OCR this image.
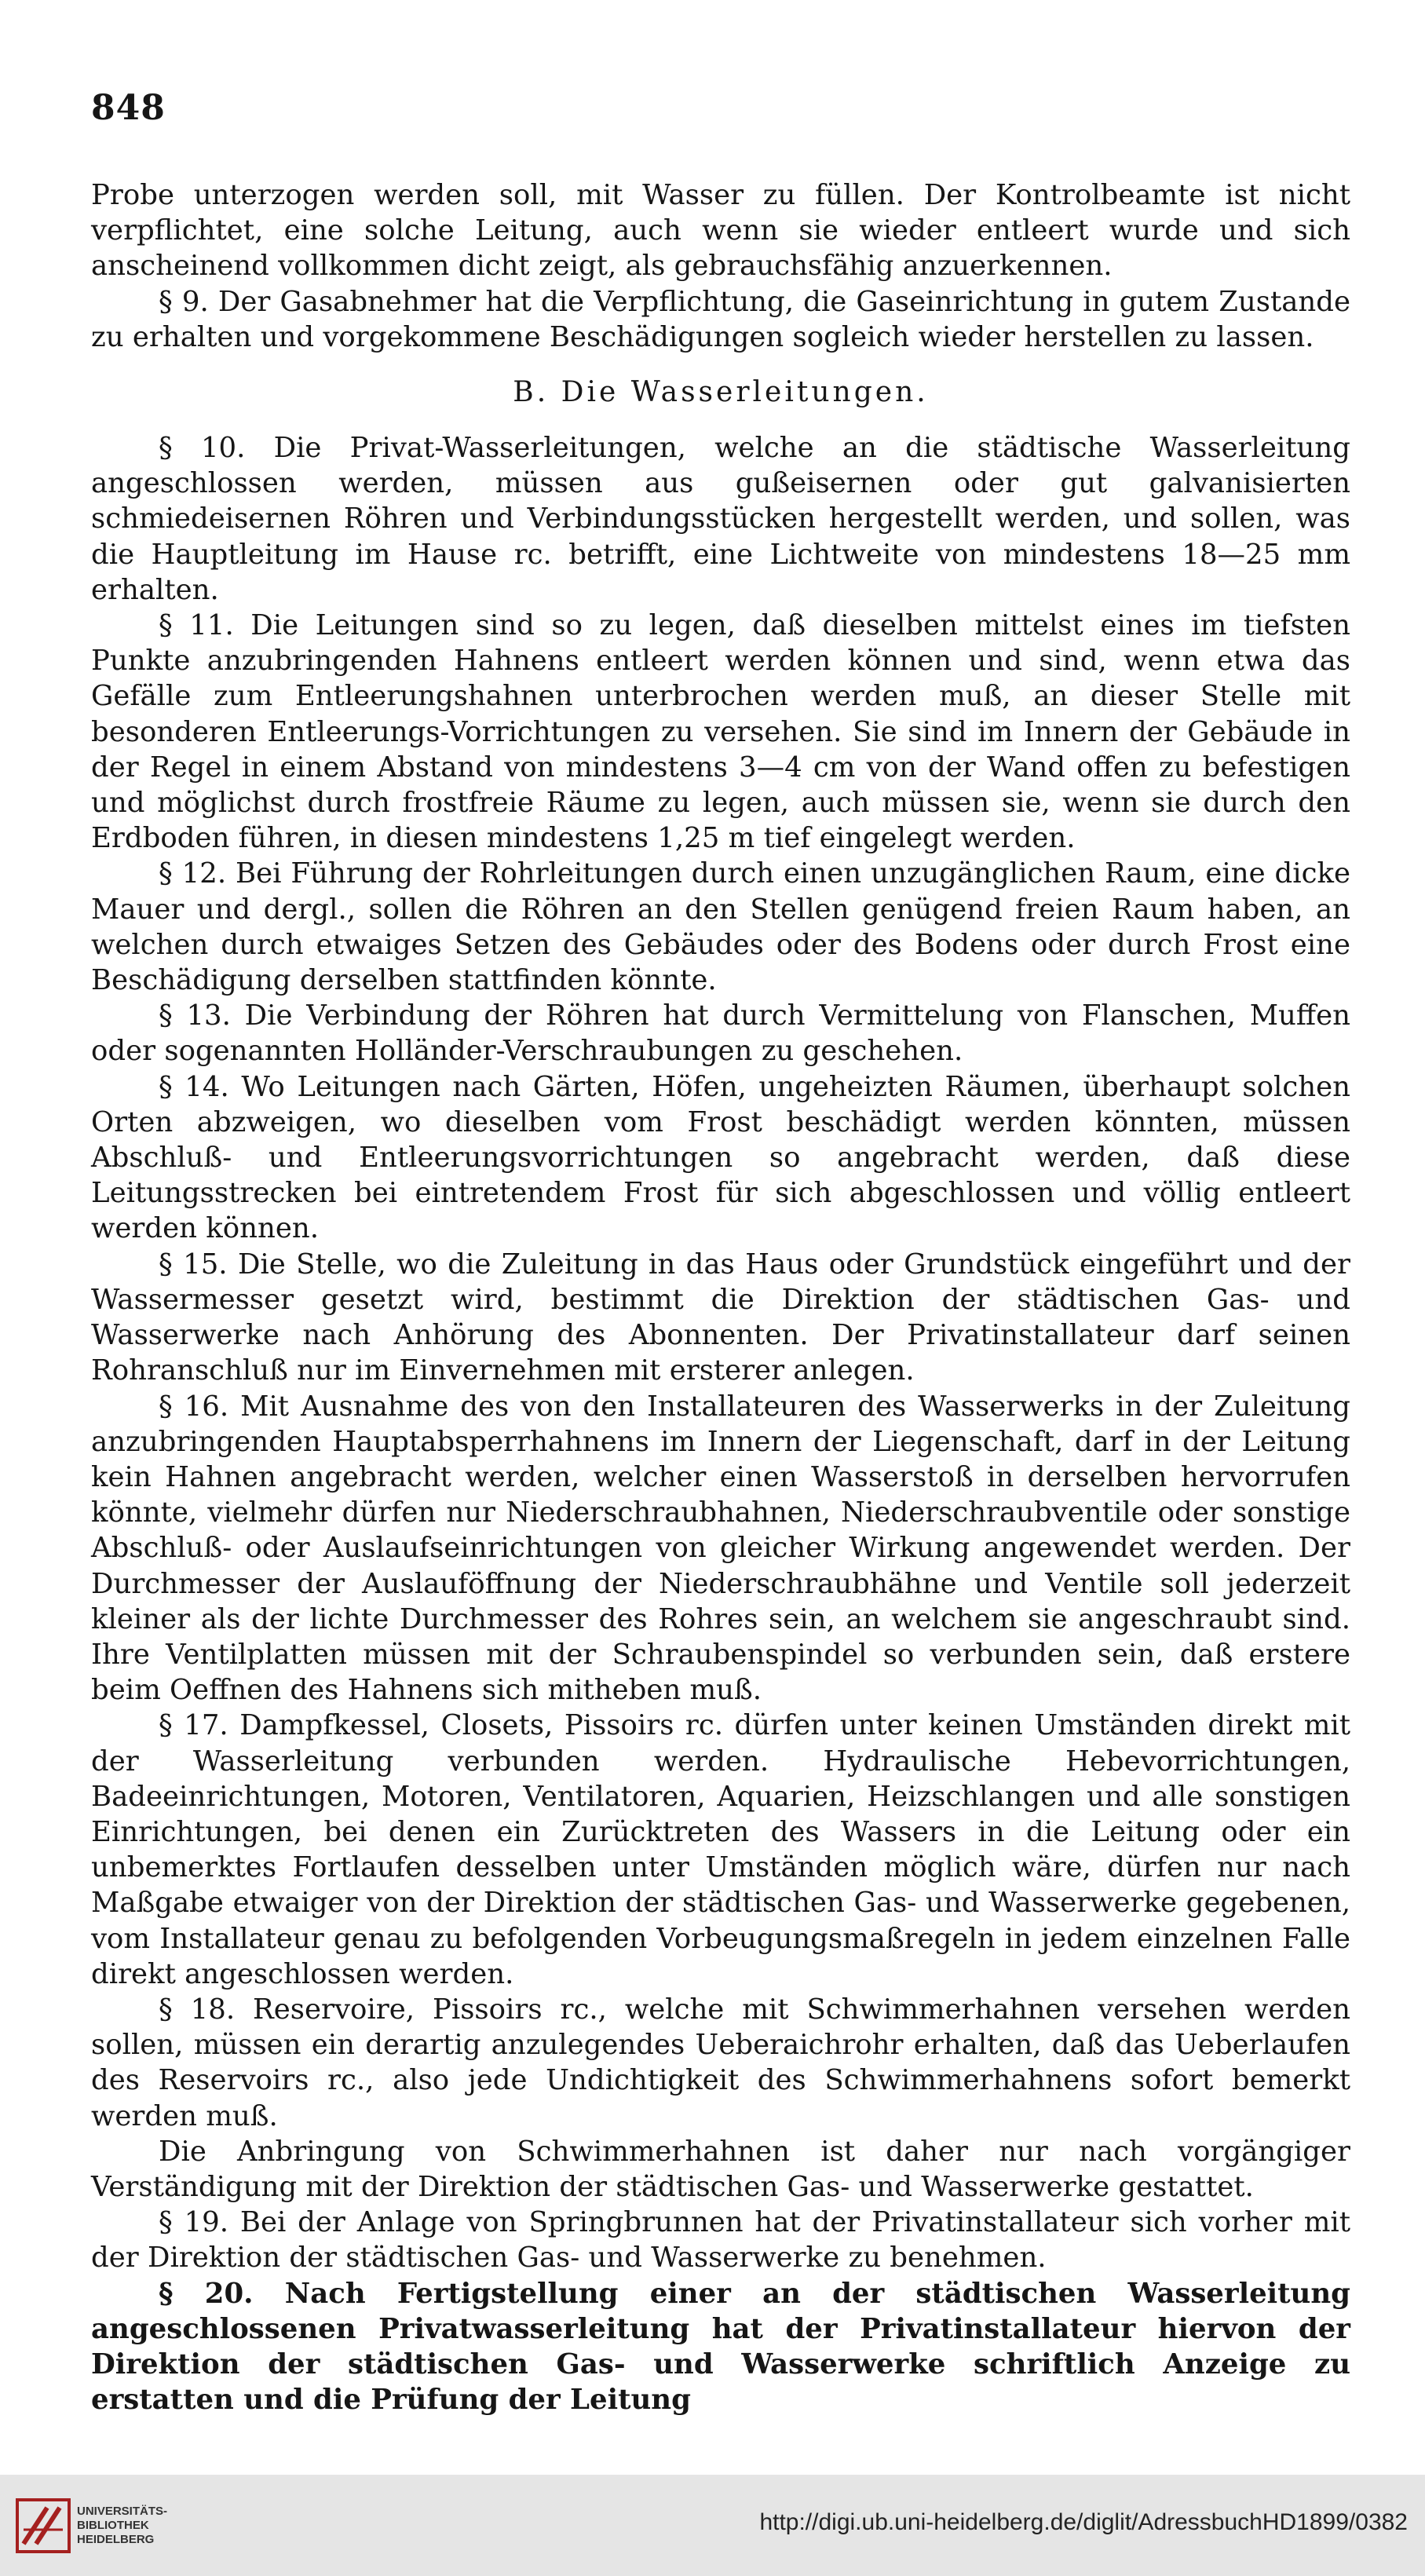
848

Probe unterzogen werden soll, mit Wasser zu füllen. Der Kontrolbeamte ist nicht verpflichtet, eine solche Leitung, auch wenn sie wieder entleert wurde und sich anscheinend vollkommen dicht zeigt, als gebrauchsfähig anzuerkennen.

§ 9. Der Gasabnehmer hat die Verpflichtung, die Gaseinrichtung in gutem Zustande zu erhalten und vorgekommene Beschädigungen sogleich wieder herstellen zu lassen.

B. Die Wasserleitungen.

§ 10. Die Privat-Wasserleitungen, welche an die städtische Wasserleitung angeschlossen werden, müssen aus gußeisernen oder gut galvanisierten schmiedeisernen Röhren und Verbindungsstücken hergestellt werden, und sollen, was die Hauptleitung im Hause rc. betrifft, eine Lichtweite von mindestens 18—25 mm erhalten.

§ 11. Die Leitungen sind so zu legen, daß dieselben mittelst eines im tiefsten Punkte anzubringenden Hahnens entleert werden können und sind, wenn etwa das Gefälle zum Entleerungshahnen unterbrochen werden muß, an dieser Stelle mit besonderen Entleerungs-Vorrichtungen zu versehen. Sie sind im Innern der Gebäude in der Regel in einem Abstand von mindestens 3—4 cm von der Wand offen zu befestigen und möglichst durch frostfreie Räume zu legen, auch müssen sie, wenn sie durch den Erdboden führen, in diesen mindestens 1,25 m tief eingelegt werden.

§ 12. Bei Führung der Rohrleitungen durch einen unzugänglichen Raum, eine dicke Mauer und dergl., sollen die Röhren an den Stellen genügend freien Raum haben, an welchen durch etwaiges Setzen des Gebäudes oder des Bodens oder durch Frost eine Beschädigung derselben stattfinden könnte.

§ 13. Die Verbindung der Röhren hat durch Vermittelung von Flanschen, Muffen oder sogenannten Holländer-Verschraubungen zu geschehen.

§ 14. Wo Leitungen nach Gärten, Höfen, ungeheizten Räumen, überhaupt solchen Orten abzweigen, wo dieselben vom Frost beschädigt werden könnten, müssen Abschluß- und Entleerungsvorrichtungen so angebracht werden, daß diese Leitungsstrecken bei eintretendem Frost für sich abgeschlossen und völlig entleert werden können.

§ 15. Die Stelle, wo die Zuleitung in das Haus oder Grundstück eingeführt und der Wassermesser gesetzt wird, bestimmt die Direktion der städtischen Gas- und Wasserwerke nach Anhörung des Abonnenten. Der Privatinstallateur darf seinen Rohranschluß nur im Einvernehmen mit ersterer anlegen.

§ 16. Mit Ausnahme des von den Installateuren des Wasserwerks in der Zuleitung anzubringenden Hauptabsperrhahnens im Innern der Liegenschaft, darf in der Leitung kein Hahnen angebracht werden, welcher einen Wasserstoß in derselben hervorrufen könnte, vielmehr dürfen nur Niederschraubhahnen, Niederschraubventile oder sonstige Abschluß- oder Auslaufseinrichtungen von gleicher Wirkung angewendet werden. Der Durchmesser der Auslauföffnung der Niederschraubhähne und Ventile soll jederzeit kleiner als der lichte Durchmesser des Rohres sein, an welchem sie angeschraubt sind. Ihre Ventilplatten müssen mit der Schraubenspindel so verbunden sein, daß erstere beim Oeffnen des Hahnens sich mitheben muß.

§ 17. Dampfkessel, Closets, Pissoirs rc. dürfen unter keinen Umständen direkt mit der Wasserleitung verbunden werden. Hydraulische Hebevorrichtungen, Badeeinrichtungen, Motoren, Ventilatoren, Aquarien, Heizschlangen und alle sonstigen Einrichtungen, bei denen ein Zurücktreten des Wassers in die Leitung oder ein unbemerktes Fortlaufen desselben unter Umständen möglich wäre, dürfen nur nach Maßgabe etwaiger von der Direktion der städtischen Gas- und Wasserwerke gegebenen, vom Installateur genau zu befolgenden Vorbeugungsmaßregeln in jedem einzelnen Falle direkt angeschlossen werden.

§ 18. Reservoire, Pissoirs rc., welche mit Schwimmerhahnen versehen werden sollen, müssen ein derartig anzulegendes Ueberaichrohr erhalten, daß das Ueberlaufen des Reservoirs rc., also jede Undichtigkeit des Schwimmerhahnens sofort bemerkt werden muß.

Die Anbringung von Schwimmerhahnen ist daher nur nach vorgängiger Verständigung mit der Direktion der städtischen Gas- und Wasserwerke gestattet.

§ 19. Bei der Anlage von Springbrunnen hat der Privatinstallateur sich vorher mit der Direktion der städtischen Gas- und Wasserwerke zu benehmen.

§ 20. Nach Fertigstellung einer an der städtischen Wasserleitung angeschlossenen Privatwasserleitung hat der Privatinstallateur hiervon der Direktion der städtischen Gas- und Wasserwerke schriftlich Anzeige zu erstatten und die Prüfung der Leitung

UNIVERSITÄTS-
BIBLIOTHEK
HEIDELBERG
http://digi.ub.uni-heidelberg.de/diglit/AdressbuchHD1899/0382
